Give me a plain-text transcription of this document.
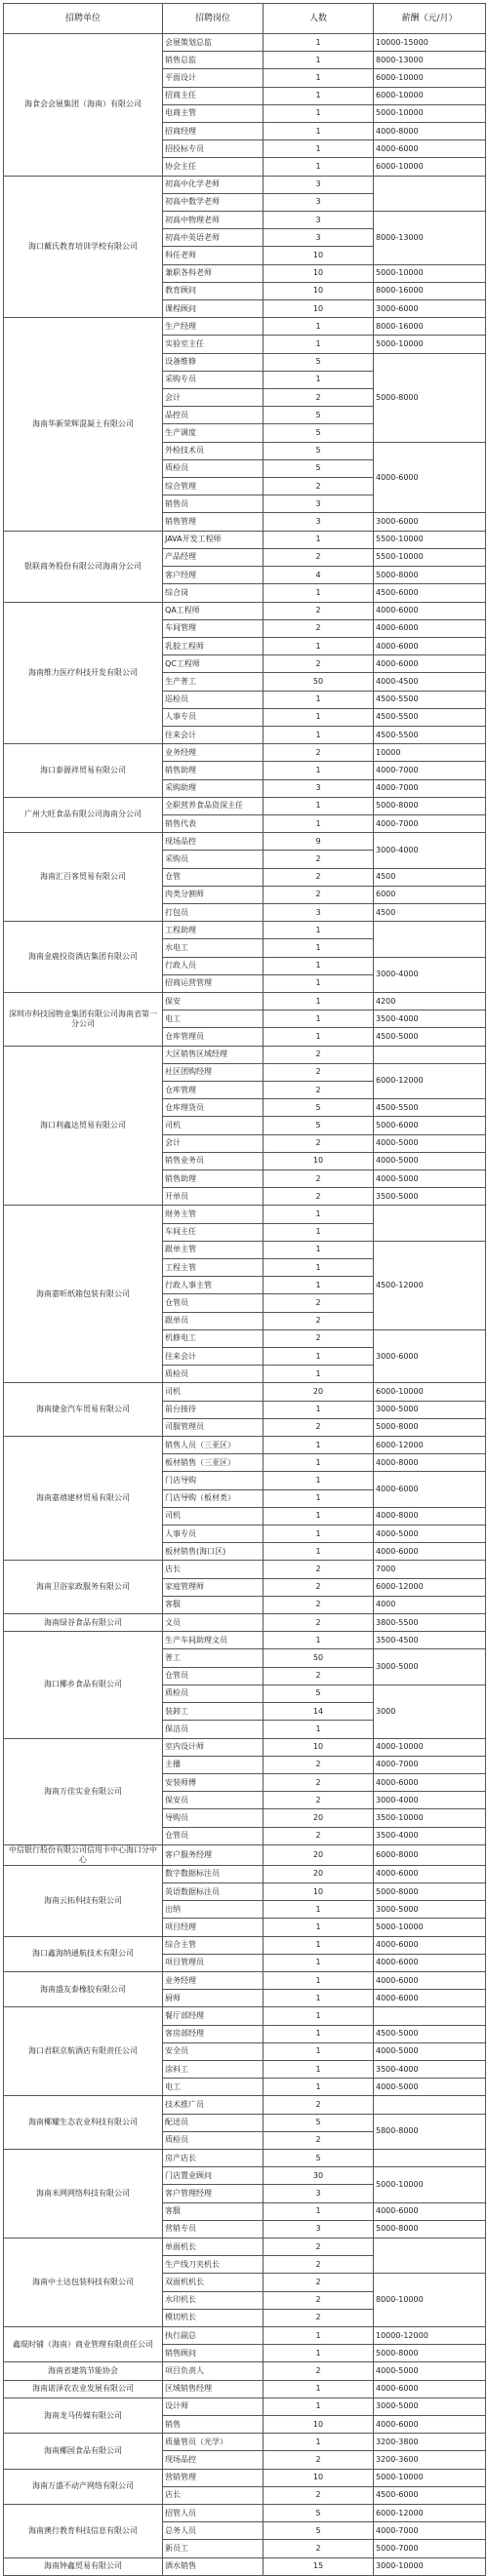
招聘单位	招聘岗位	人数	薪酬（元/月）
海食会会展集团（海南）有限公司	会展策划总监	1	10000-15000
	销售总监	1	8000-13000
	平面设计	1	6000-10000
	招商主任	1	6000-10000
	电商主管	1	5000-10000
	招商经理	1	4000-8000
	招投标专员	1	4000-6000
	协会主任	1	6000-10000
海口戴氏教育培训学校有限公司	初高中化学老师	3	
	初高中数学老师	3	
	初高中物理老师	3	8000-13000
	初高中英语老师	3	
	科任老师	10	
	兼职各科老师	10	5000-10000
	教育顾问	10	8000-16000
	课程顾问	10	3000-6000
海南华新荣辉混凝土有限公司	生产经理	1	8000-16000
	实验室主任	1	5000-10000
	设备维修	5	5000-8000
	采购专员	1	
	会计	2	
	品控员	5	
	生产调度	5	
	外检技术员	5	4000-6000
	质检员	5	
	综合管理	2	
	销售员	3	
	销售管理	3	3000-6000
银联商务股份有限公司海南分公司	JAVA开发工程师	1	5500-10000
	产品经理	2	5500-10000
	客户经理	4	5000-8000
	综合岗	1	4500-6000
海南维力医疗科技开发有限公司	QA工程师	2	4000-6000
	车间管理	2	4000-6000
	乳胶工程师	1	4000-6000
	QC工程师	2	4000-6000
	生产普工	50	4000-4500
	巡检员	1	4500-5500
	人事专员	1	4500-5500
	往来会计	1	4500-5500
海口泰源祥贸易有限公司	业务经理	2	10000
	销售助理	1	4000-7000
	采购助理	3	4000-7000
广州大旺食品有限公司海南分公司	全职营养食品资深主任	1	5000-8000
	销售代表	1	4000-7000
海南汇百客贸易有限公司	现场品控	9	3000-4000
	采购员	2	
	仓管	2	4500
	肉类分割师	2	6000
	打包员	3	4500
海南金鹿投资酒店集团有限公司	工程助理	1	
	水电工	1	
	行政人员	1	3000-4000
	招商运营管理	1	
深圳市科技园物业集团有限公司海南省第一分公司	保安	1	4200
	电工	1	3500-4000
	仓库管理员	1	4500-5000
海口利鑫达贸易有限公司	大区销售区域经理	2	
	社区团购经理	2	6000-12000
	仓库管理	2	
	仓库理货员	5	4500-5500
	司机	5	5000-6000
	会计	2	4000-5000
	销售业务员	10	4000-5000
	销售助理	2	4000-5000
	开单员	2	3500-5000
海南嘉昕纸箱包装有限公司	财务主管	1	
	车间主任	1	
	跟单主管	1	4500-12000
	工程主管	1	
	行政人事主管	1	
	仓管员	2	
	跟单员	2	
	机修电工	2	3000-6000
	往来会计	1	
	质检员	1	
海南捷金汽车贸易有限公司	司机	20	6000-10000
	前台接待	1	3000-5000
	司服管理员	2	5000-8000
海南嘉禧建材贸易有限公司	销售人员（三亚区）	1	6000-12000
	板材销售（三亚区）	1	4000-8000
	门店导购	1	4000-6000
	门店导购（板材类）	1	
	司机	1	4000-8000
	人事专员	1	4000-5000
	板材销售(海口区)	1	4000-6000
海南卫浴家政服务有限公司	店长	2	7000
	家庭管理师	2	6000-12000
	客服	2	4000
海南绿谷食品有限公司	文员	2	3800-5500
海口椰乡食品有限公司	生产车间助理文员	1	3500-4500
	普工	50	3000-5000
	仓管员	2	
	质检员	5	3000
	装卸工	14	
	保洁员	1	
海南万佳实业有限公司	室内设计师	10	4000-10000
	主播	2	4000-7000
	安装师傅	2	4000-6000
	保安员	2	3000-4000
	导购员	20	3500-10000
	仓管员	2	3500-4000
中信银行股份有限公司信用卡中心海口分中心	客户服务经理	20	6000-8000
海南云拓科技有限公司	数字数据标注员	20	4000-6000
	英语数据标注员	10	5000-8000
	出纳	1	3000-5000
	项目经理	1	5000-10000
海口鑫海纳通航技术有限公司	综合主管	1	4000-6000
	项目管理员	1	4000-6000
海南盛友泰橡胶有限公司	业务经理	1	4000-6000
	厨师	1	4000-6000
海口君联京航酒店有限责任公司	餐厅部经理	1	
	客房部经理	1	4500-5000
	安全员	1	4000-5000
	涂料工	1	3500-4000
	电工	1	4000-5000
海南椰耀生态农业科技有限公司	技术推广员	2	
	配送员	5	5800-8000
	质检员	2	
海南米网网络科技有限公司	房产店长	5	
	门店置业顾问	30	5000-10000
	客户管理经理	3	
	客服	1	4000-6000
	营销专员	3	5000-8000
海南中士达包装科技有限公司	单面机长	2	
	生产线刀夹机长	2	
	双面机机长	2	8000-10000
	水印机长	2	
	模切机长	2	
鑫琨时铺（海南）商业管理有限责任公司	执行副总	1	10000-12000
	销售顾问	1	5000-8000
海南省建筑节能协会	项目负责人	2	4000-5000
海南诺泽农农业发展有限公司	区域销售经理	1	4000-6000
海南龙马传媒有限公司	设计师	1	3000-5000
	销售	10	4000-6000
海南椰国食品有限公司	质量管员（光学）	1	3200-3800
	现场品控	2	3200-3600
海南万盛不动产网络有限公司	营销管理	10	5000-10000
	店长	2	4500-6000
海南澳行教育科技信息有限公司	招管人员	5	6000-12000
	总务人员	5	4000-7000
	新员工	2	5000-7000
海南钟鑫贸易有限公司	酒水销售	15	3000-10000
